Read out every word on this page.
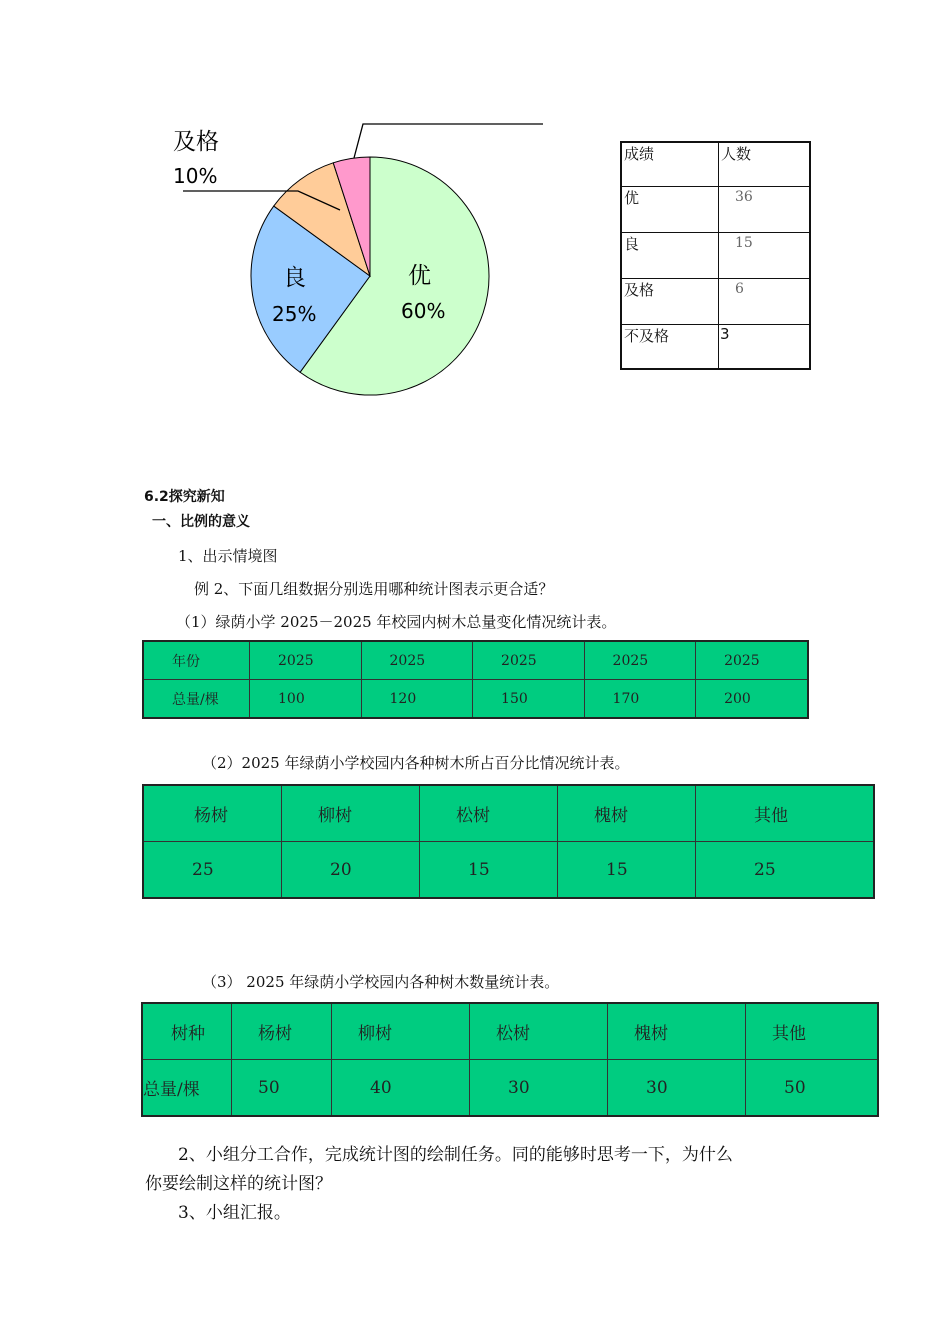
优
60%
良
25%
及格
10%
成绩	人数
优	36
良	15
及格	6
不及格	3
6.2探究新知
一、比例的意义
1、出示情境图
例 2、下面几组数据分别选用哪种统计图表示更合适？
（1）绿荫小学 2025－2025 年校园内树木总量变化情况统计表。
年份	2025	2025	2025	2025	2025
总量/棵	100	120	150	170	200
（2）2025 年绿荫小学校园内各种树木所占百分比情况统计表。
杨树	柳树	松树	槐树	其他
25	20	15	15	25
（3） 2025 年绿荫小学校园内各种树木数量统计表。
树种	杨树	柳树	松树	槐树	其他
总量/棵	50	40	30	30	50
2、小组分工合作，完成统计图的绘制任务。同的能够时思考一下，为什么
你要绘制这样的统计图？
3、小组汇报。
